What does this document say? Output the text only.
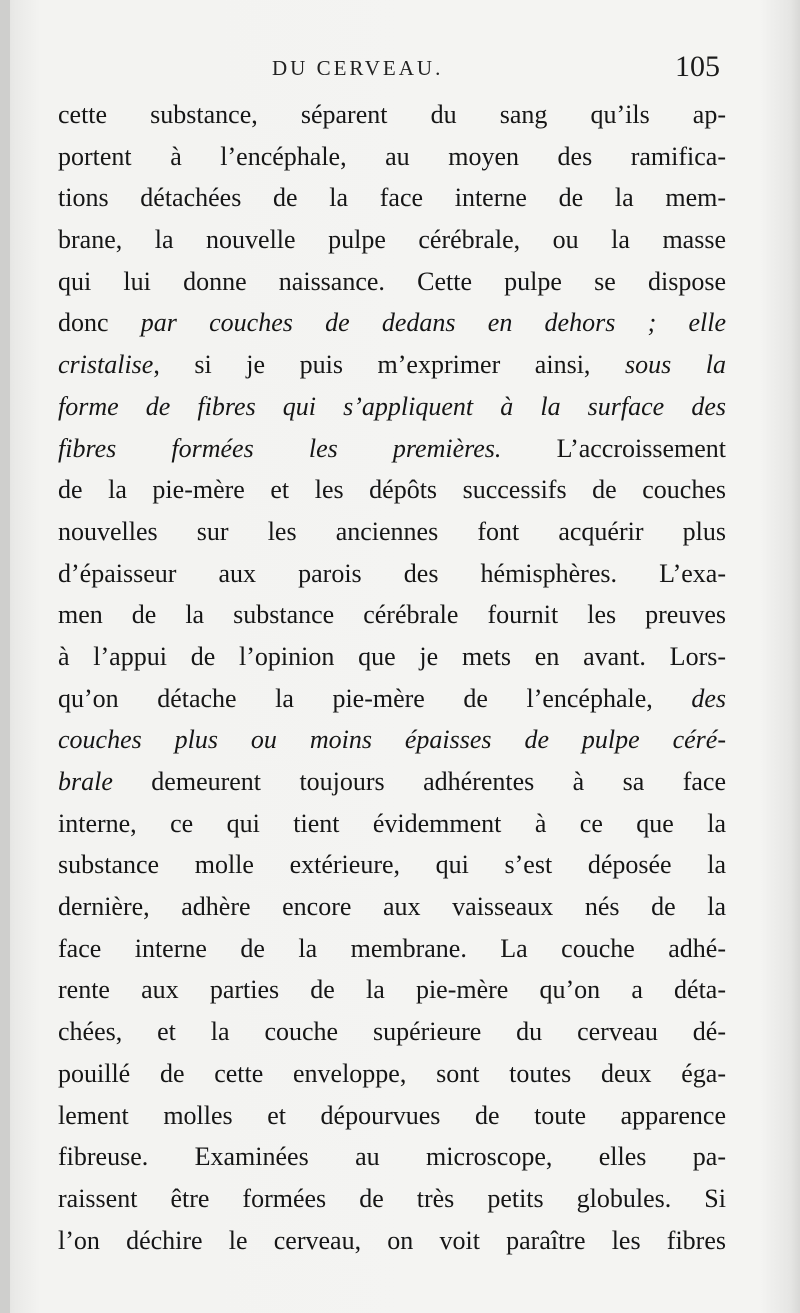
DU CERVEAU.	105
cette substance, séparent du sang qu’ils ap-
portent à l’encéphale, au moyen des ramifica-
tions détachées de la face interne de la mem-
brane, la nouvelle pulpe cérébrale, ou la masse
qui lui donne naissance. Cette pulpe se dispose
donc par couches de dedans en dehors ; elle
cristalise, si je puis m’exprimer ainsi, sous la
forme de fibres qui s’appliquent à la surface des
fibres formées les premières. L’accroissement
de la pie-mère et les dépôts successifs de couches
nouvelles sur les anciennes font acquérir plus
d’épaisseur aux parois des hémisphères. L’exa-
men de la substance cérébrale fournit les preuves
à l’appui de l’opinion que je mets en avant. Lors-
qu’on détache la pie-mère de l’encéphale, des
couches plus ou moins épaisses de pulpe céré-
brale demeurent toujours adhérentes à sa face
interne, ce qui tient évidemment à ce que la
substance molle extérieure, qui s’est déposée la
dernière, adhère encore aux vaisseaux nés de la
face interne de la membrane. La couche adhé-
rente aux parties de la pie-mère qu’on a déta-
chées, et la couche supérieure du cerveau dé-
pouillé de cette enveloppe, sont toutes deux éga-
lement molles et dépourvues de toute apparence
fibreuse. Examinées au microscope, elles pa-
raissent être formées de très petits globules. Si
l’on déchire le cerveau, on voit paraître les fibres
